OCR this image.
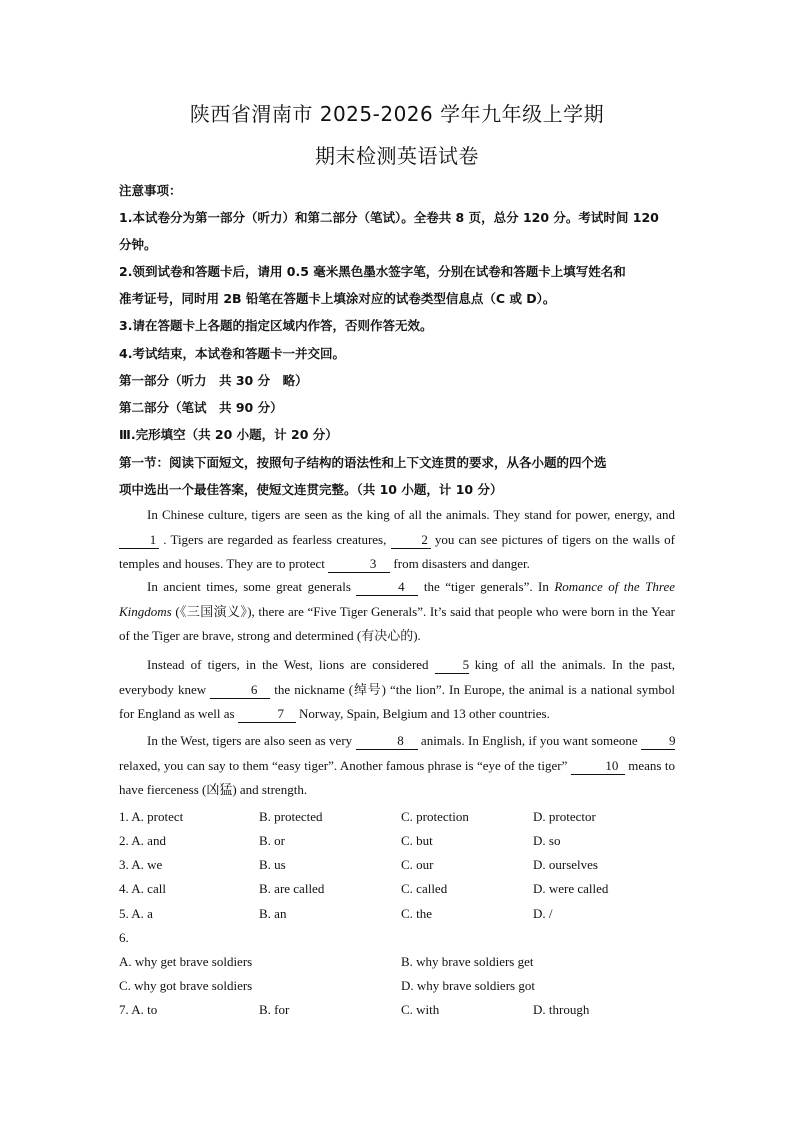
陕西省渭南市 2025-2026 学年九年级上学期
期末检测英语试卷
注意事项：
1.本试卷分为第一部分（听力）和第二部分（笔试）。全卷共 8 页，总分 120 分。考试时间 120
分钟。
2.领到试卷和答题卡后，请用 0.5 毫米黑色墨水签字笔，分别在试卷和答题卡上填写姓名和
准考证号，同时用 2B 铅笔在答题卡上填涂对应的试卷类型信息点（C 或 D）。
3.请在答题卡上各题的指定区域内作答，否则作答无效。
4.考试结束，本试卷和答题卡一并交回。
第一部分（听力　共 30 分　略）
第二部分（笔试　共 90 分）
Ⅲ.完形填空（共 20 小题，计 20 分）
第一节：阅读下面短文，按照句子结构的语法性和上下文连贯的要求，从各小题的四个选
项中选出一个最佳答案，使短文连贯完整。（共 10 小题，计 10 分）
In Chinese culture, tigers are seen as the king of all the animals. They stand for power, energy, and 1 . Tigers are regarded as fearless creatures, 2 you can see pictures of tigers on the walls of temples and houses. They are to protect	3 from disasters and danger.
In ancient times, some great generals	4 the “tiger generals”. In Romance of the Three Kingdoms (《三国演义》), there are “Five Tiger Generals”. It’s said that people who were born in the Year of the Tiger are brave, strong and determined (有决心的).
Instead of tigers, in the West, lions are considered 5 king of all the animals. In the past, everybody knew	6 the nickname (绰号) “the lion”. In Europe, the animal is a national symbol for England as well as	7 Norway, Spain, Belgium and 13 other countries.
In the West, tigers are also seen as very	8 animals. In English, if you want someone 9 relaxed, you can say to them “easy tiger”. Another famous phrase is “eye of the tiger”	10 means to have fierceness (凶猛) and strength.
1. A. protect	B. protected	C. protection	D. protector
2. A. and	B. or	C. but	D. so
3. A. we	B. us	C. our	D. ourselves
4. A. call	B. are called	C. called	D. were called
5. A. a	B. an	C. the	D. /
6.
A. why get brave soldiers	B. why brave soldiers get
C. why got brave soldiers	D. why brave soldiers got
7. A. to	B. for	C. with	D. through
